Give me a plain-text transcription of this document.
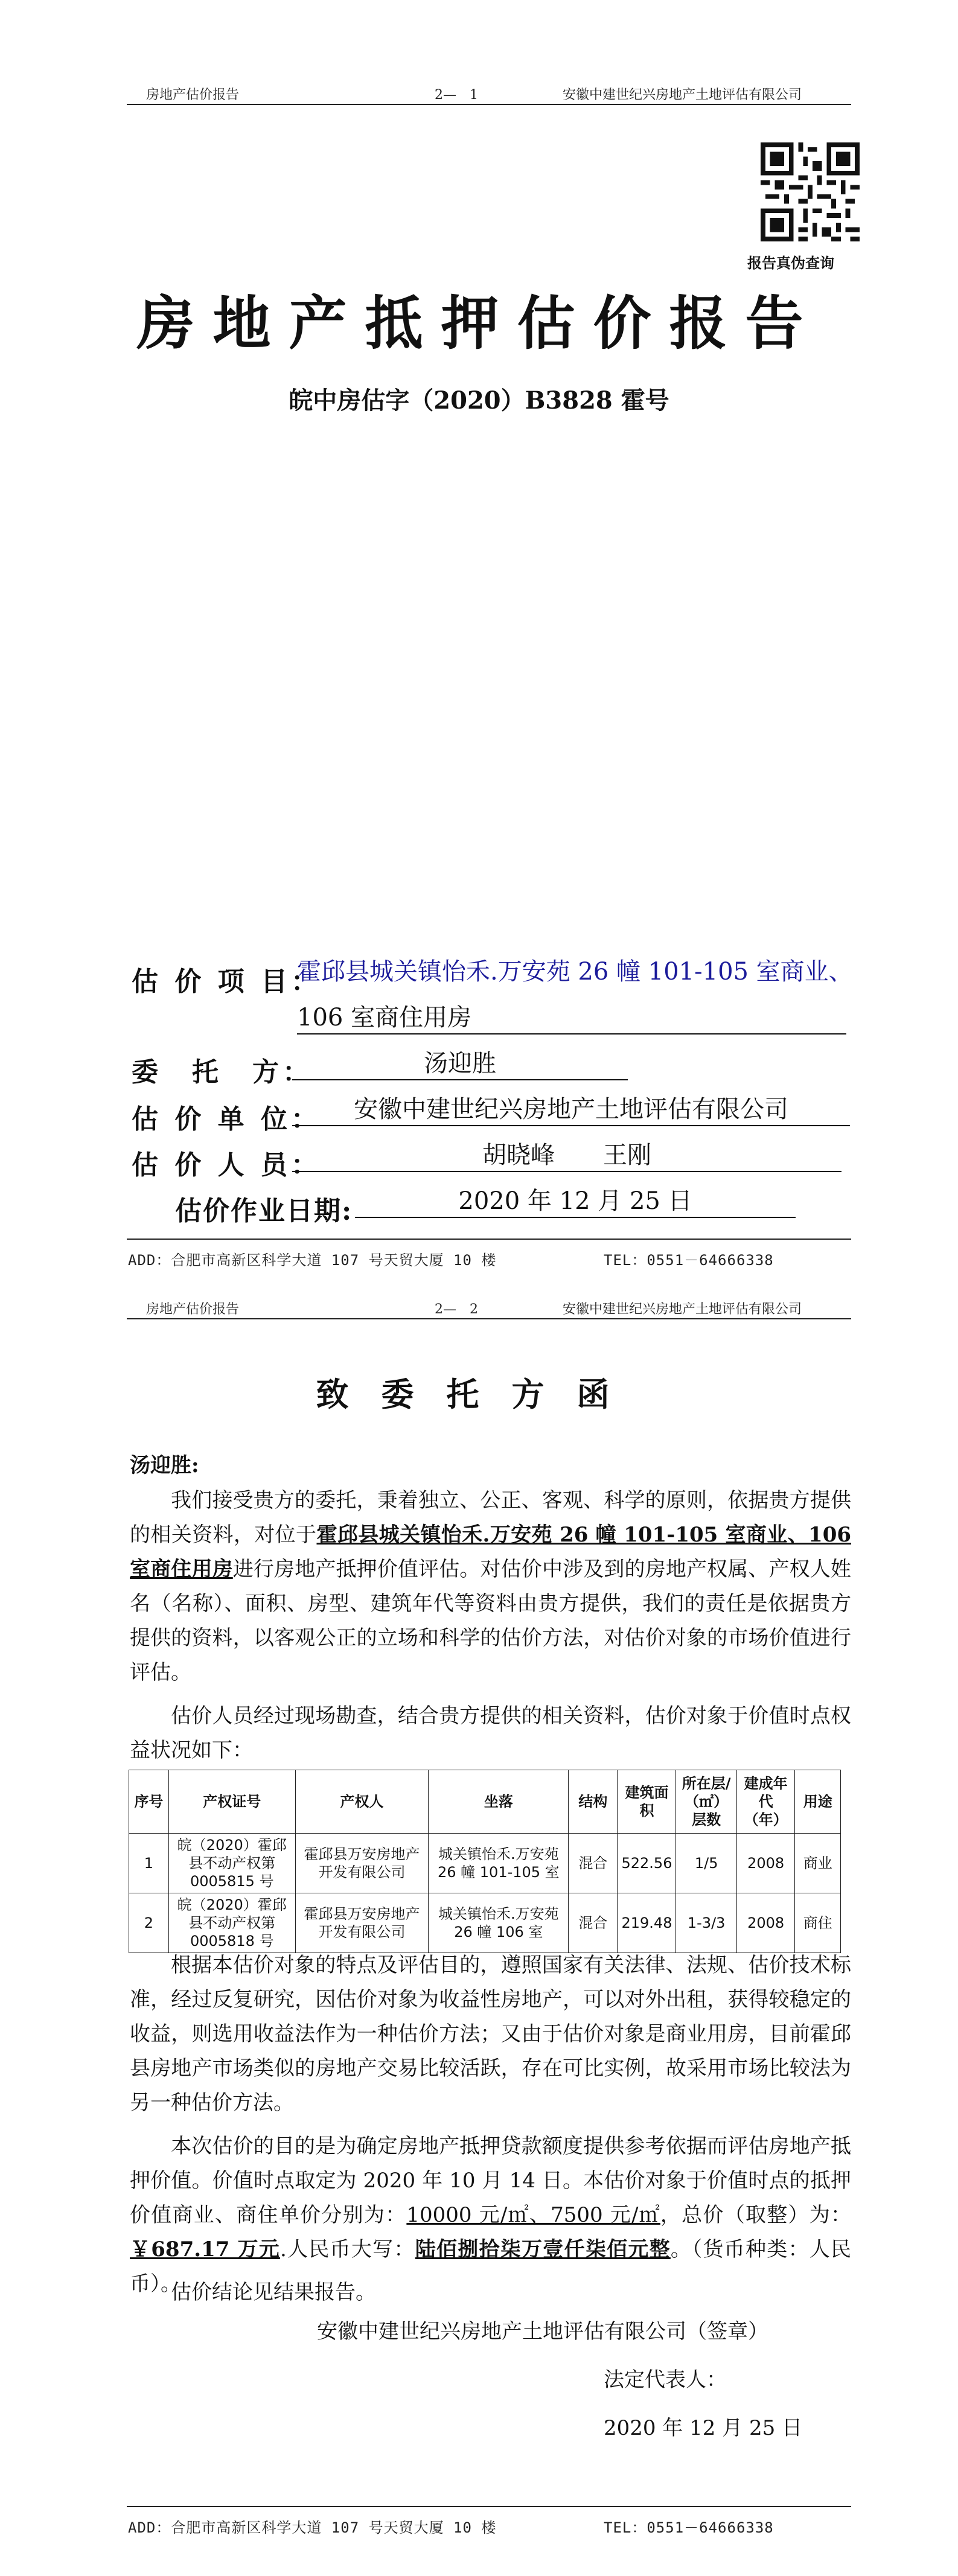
房地产估价报告	2—　1	安徽中建世纪兴房地产土地评估有限公司
报告真伪查询
房地产抵押估价报告
皖中房估字（2020）B3828 霍号
估 价 项 目：
霍邱县城关镇怡禾.万安苑 26 幢 101-105 室商业、
106 室商住用房
委　托　方：	汤迎胜
估 价 单 位：	安徽中建世纪兴房地产土地评估有限公司
估 价 人 员：	胡晓峰　　王刚
估价作业日期:	2020 年 12 月 25 日
ADD：合肥市高新区科学大道 107 号天贸大厦 10 楼	TEL：0551－64666338
房地产估价报告	2—　2	安徽中建世纪兴房地产土地评估有限公司
致委托方函
汤迎胜:
我们接受贵方的委托，秉着独立、公正、客观、科学的原则，依据贵方提供的相关资料，对位于霍邱县城关镇怡禾.万安苑 26 幢 101-105 室商业、106 室商住用房进行房地产抵押价值评估。对估价中涉及到的房地产权属、产权人姓名（名称）、面积、房型、建筑年代等资料由贵方提供，我们的责任是依据贵方提供的资料，以客观公正的立场和科学的估价方法，对估价对象的市场价值进行评估。
估价人员经过现场勘查，结合贵方提供的相关资料，估价对象于价值时点权益状况如下：
序号	产权证号	产权人	坐落	结构	建筑面积	所在层/（㎡）层数	建成年代（年）	用途
1	皖（2020）霍邱县不动产权第0005815 号	霍邱县万安房地产开发有限公司	城关镇怡禾.万安苑 26 幢 101-105 室	混合	522.56	1/5	2008	商业
2	皖（2020）霍邱县不动产权第0005818 号	霍邱县万安房地产开发有限公司	城关镇怡禾.万安苑 26 幢 106 室	混合	219.48	1-3/3	2008	商住
根据本估价对象的特点及评估目的，遵照国家有关法律、法规、估价技术标准，经过反复研究，因估价对象为收益性房地产，可以对外出租，获得较稳定的收益，则选用收益法作为一种估价方法；又由于估价对象是商业用房，目前霍邱县房地产市场类似的房地产交易比较活跃，存在可比实例，故采用市场比较法为另一种估价方法。
本次估价的目的是为确定房地产抵押贷款额度提供参考依据而评估房地产抵押价值。价值时点取定为 2020 年 10 月 14 日。本估价对象于价值时点的抵押价值商业、商住单价分别为：10000 元/㎡、7500 元/㎡，总价（取整）为：￥687.17 万元.人民币大写：陆佰捌拾柒万壹仟柒佰元整。（货币种类：人民币）。
估价结论见结果报告。
安徽中建世纪兴房地产土地评估有限公司（签章）
法定代表人：
2020 年 12 月 25 日
ADD：合肥市高新区科学大道 107 号天贸大厦 10 楼	TEL：0551－64666338
